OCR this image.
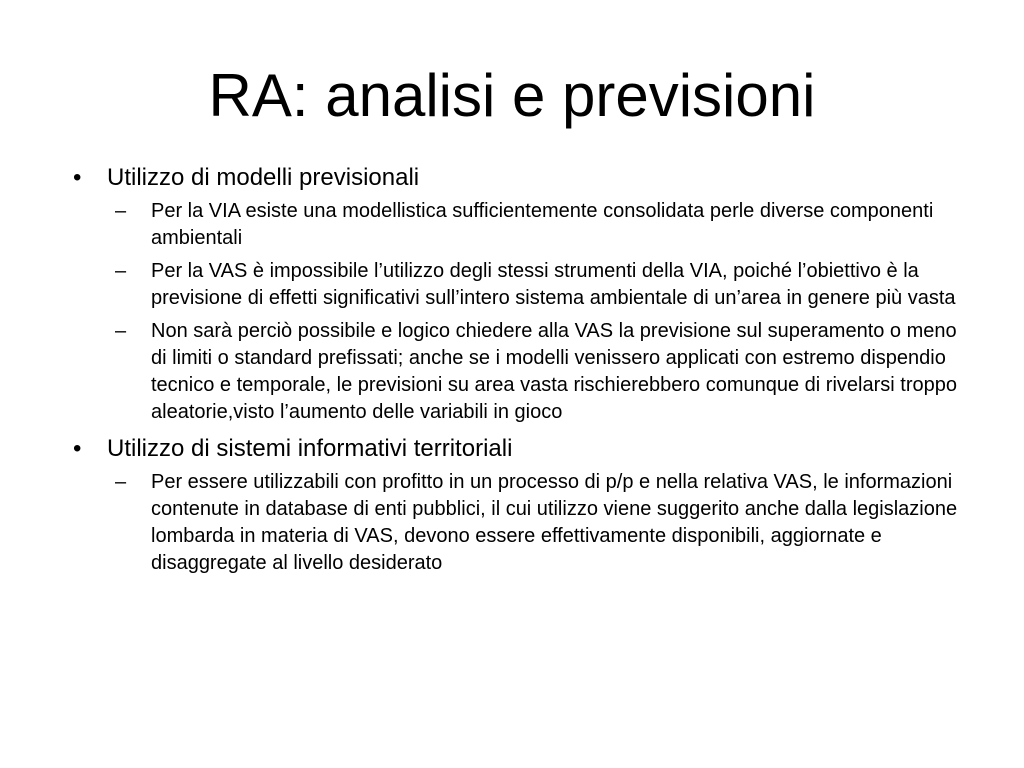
RA: analisi e previsioni
•	Utilizzo di modelli previsionali
– Per la VIA esiste una modellistica sufficientemente consolidata perle diverse componenti ambientali
– Per la VAS è impossibile l’utilizzo degli stessi strumenti della VIA, poiché l’obiettivo è la previsione di effetti significativi sull’intero sistema ambientale di un’area in genere più vasta
– Non sarà perciò possibile e logico chiedere alla VAS la previsione sul superamento o meno di limiti o standard prefissati; anche se i modelli venissero applicati con estremo dispendio tecnico e temporale, le previsioni su area vasta rischierebbero comunque di rivelarsi troppo aleatorie,visto l’aumento delle variabili in gioco
•	Utilizzo di sistemi informativi territoriali
– Per essere utilizzabili con profitto in un processo di p/p e nella relativa VAS, le informazioni contenute in database di enti pubblici, il cui utilizzo viene suggerito anche dalla legislazione lombarda in materia di VAS, devono essere effettivamente disponibili, aggiornate e disaggregate al livello desiderato
